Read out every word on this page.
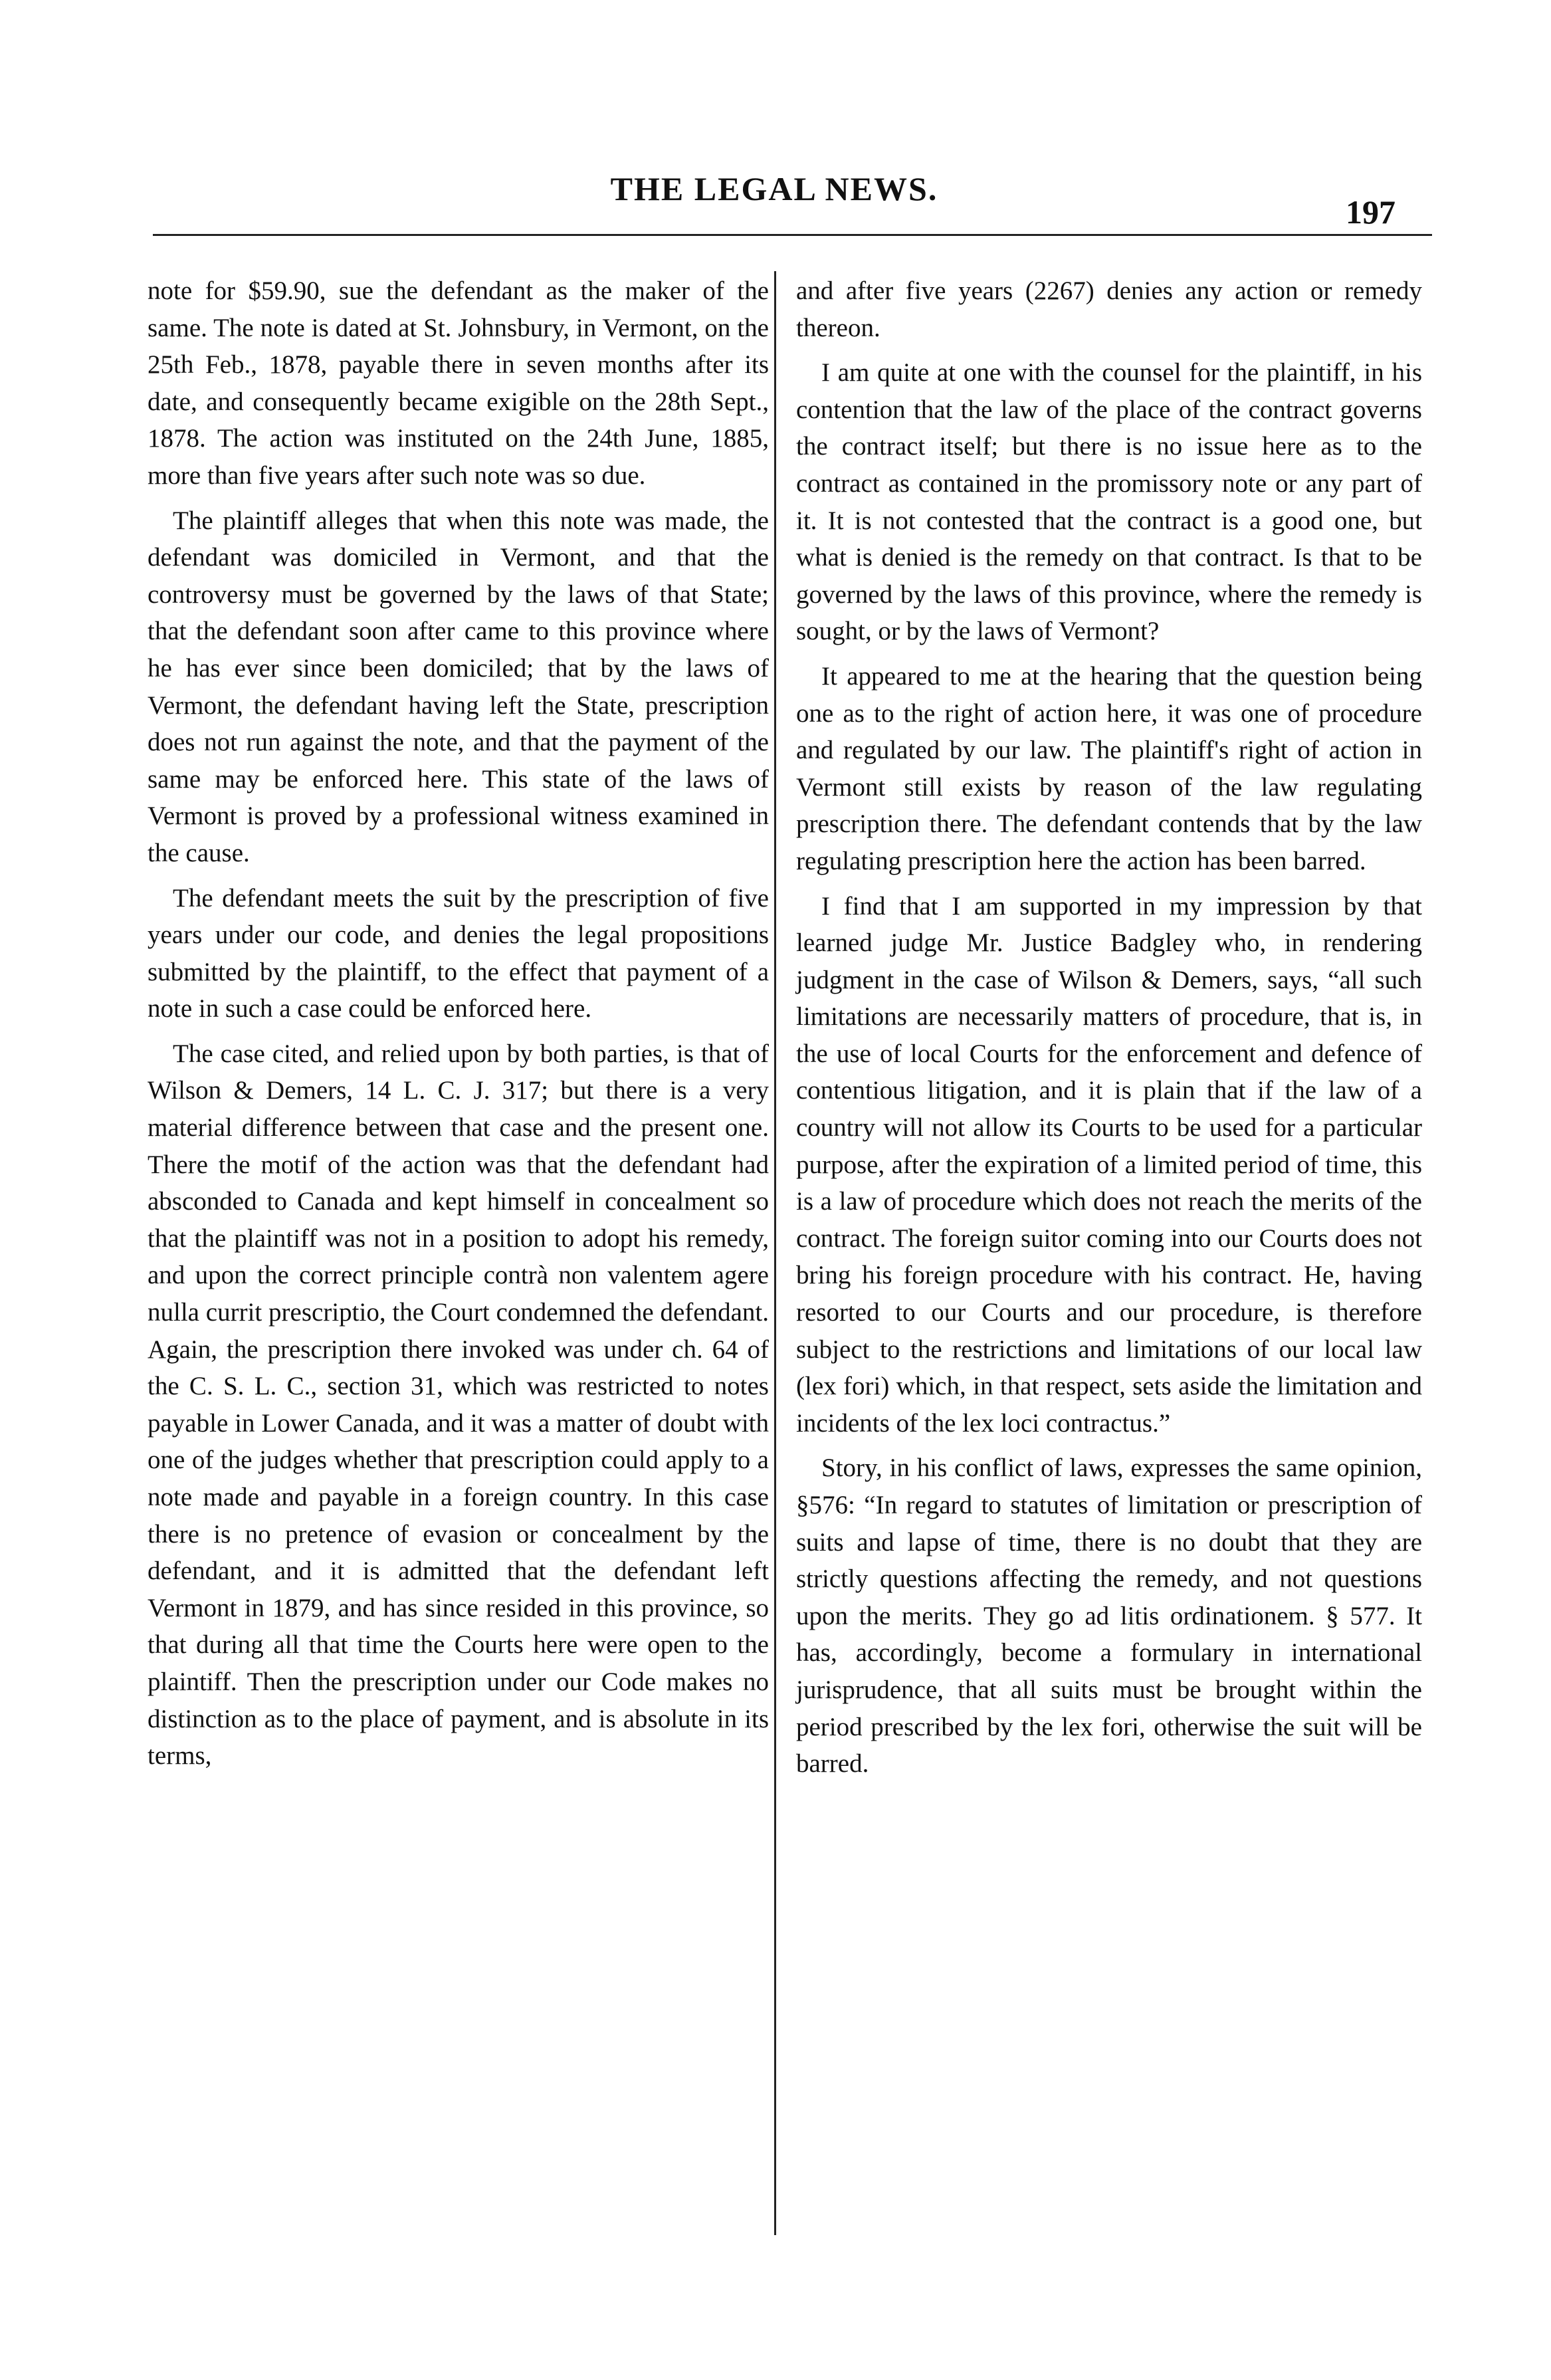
THE LEGAL NEWS.
197

note for $59.90, sue the defendant as the maker of the same. The note is dated at St. Johnsbury, in Vermont, on the 25th Feb., 1878, payable there in seven months after its date, and consequently became exigible on the 28th Sept., 1878. The action was instituted on the 24th June, 1885, more than five years after such note was so due.

The plaintiff alleges that when this note was made, the defendant was domiciled in Vermont, and that the controversy must be governed by the laws of that State; that the defendant soon after came to this province where he has ever since been domiciled; that by the laws of Vermont, the defendant having left the State, prescription does not run against the note, and that the payment of the same may be enforced here. This state of the laws of Vermont is proved by a professional witness examined in the cause.

The defendant meets the suit by the prescription of five years under our code, and denies the legal propositions submitted by the plaintiff, to the effect that payment of a note in such a case could be enforced here.

The case cited, and relied upon by both parties, is that of Wilson & Demers, 14 L. C. J. 317; but there is a very material difference between that case and the present one. There the motif of the action was that the defendant had absconded to Canada and kept himself in concealment so that the plaintiff was not in a position to adopt his remedy, and upon the correct principle contrà non valentem agere nulla currit prescriptio, the Court condemned the defendant. Again, the prescription there invoked was under ch. 64 of the C. S. L. C., section 31, which was restricted to notes payable in Lower Canada, and it was a matter of doubt with one of the judges whether that prescription could apply to a note made and payable in a foreign country. In this case there is no pretence of evasion or concealment by the defendant, and it is admitted that the defendant left Vermont in 1879, and has since resided in this province, so that during all that time the Courts here were open to the plaintiff. Then the prescription under our Code makes no distinction as to the place of payment, and is absolute in its terms,

and after five years (2267) denies any action or remedy thereon.

I am quite at one with the counsel for the plaintiff, in his contention that the law of the place of the contract governs the contract itself; but there is no issue here as to the contract as contained in the promissory note or any part of it. It is not contested that the contract is a good one, but what is denied is the remedy on that contract. Is that to be governed by the laws of this province, where the remedy is sought, or by the laws of Vermont?

It appeared to me at the hearing that the question being one as to the right of action here, it was one of procedure and regulated by our law. The plaintiff's right of action in Vermont still exists by reason of the law regulating prescription there. The defendant contends that by the law regulating prescription here the action has been barred.

I find that I am supported in my impression by that learned judge Mr. Justice Badgley who, in rendering judgment in the case of Wilson & Demers, says, “all such limitations are necessarily matters of procedure, that is, in the use of local Courts for the enforcement and defence of contentious litigation, and it is plain that if the law of a country will not allow its Courts to be used for a particular purpose, after the expiration of a limited period of time, this is a law of procedure which does not reach the merits of the contract. The foreign suitor coming into our Courts does not bring his foreign procedure with his contract. He, having resorted to our Courts and our procedure, is therefore subject to the restrictions and limitations of our local law (lex fori) which, in that respect, sets aside the limitation and incidents of the lex loci contractus.”

Story, in his conflict of laws, expresses the same opinion, §576: “In regard to statutes of limitation or prescription of suits and lapse of time, there is no doubt that they are strictly questions affecting the remedy, and not questions upon the merits. They go ad litis ordinationem. § 577. It has, accordingly, become a formulary in international jurisprudence, that all suits must be brought within the period prescribed by the lex fori, otherwise the suit will be barred.
